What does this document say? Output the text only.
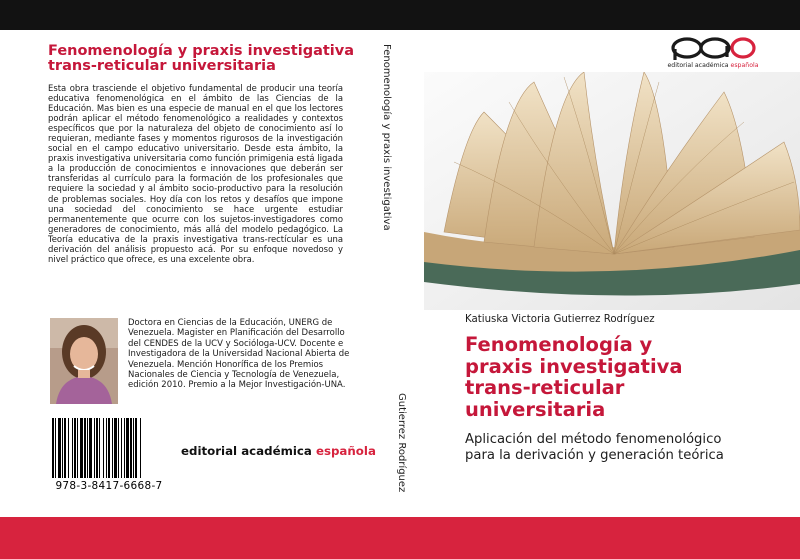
Fenomenología y praxis investigativa
trans-reticular universitaria
Esta obra trasciende el objetivo fundamental de producir una teoría educativa fenomenológica en el ámbito de las Ciencias de la Educación. Mas bien es una especie de manual en el que los lectores podrán aplicar el método fenomenológico a realidades y contextos específicos que por la naturaleza del objeto de conocimiento así lo requieran, mediante fases y momentos rigurosos de la investigación social en el campo educativo universitario. Desde esta ámbito, la praxis investigativa universitaria como función primigenia está ligada a la producción de conocimientos e innovaciones que deberán ser transferidas al currículo para la formación de los profesionales que requiere la sociedad y al ámbito socio-productivo para la resolución de problemas sociales. Hoy día con los retos y desafíos que impone una sociedad del conocimiento se hace urgente estudiar permanentemente que ocurre con los sujetos-investigadores como generadores de conocimiento, más allá del modelo pedagógico. La Teoría educativa de la praxis investigativa trans-rectícular es una derivación del análisis propuesto acá. Por su enfoque novedoso y nivel práctico que ofrece, es una excelente obra.
Doctora en Ciencias de la Educación, UNERG de Venezuela. Magister en Planificación del Desarrollo del CENDES de la UCV y Socióloga-UCV. Docente e Investigadora de la Universidad Nacional Abierta de Venezuela. Mención Honorífica de los Premios Nacionales de Ciencia y Tecnología de Venezuela, edición 2010. Premio a la Mejor Investigación-UNA.
978-3-8417-6668-7
editorial académica española
Fenomenología y praxis investigativa
Gutierrez Rodríguez
editorial académica española
Katiuska Victoria Gutierrez Rodríguez
Fenomenología y
praxis investigativa
trans-reticular
universitaria
Aplicación del método fenomenológico
para la derivación y generación teórica
